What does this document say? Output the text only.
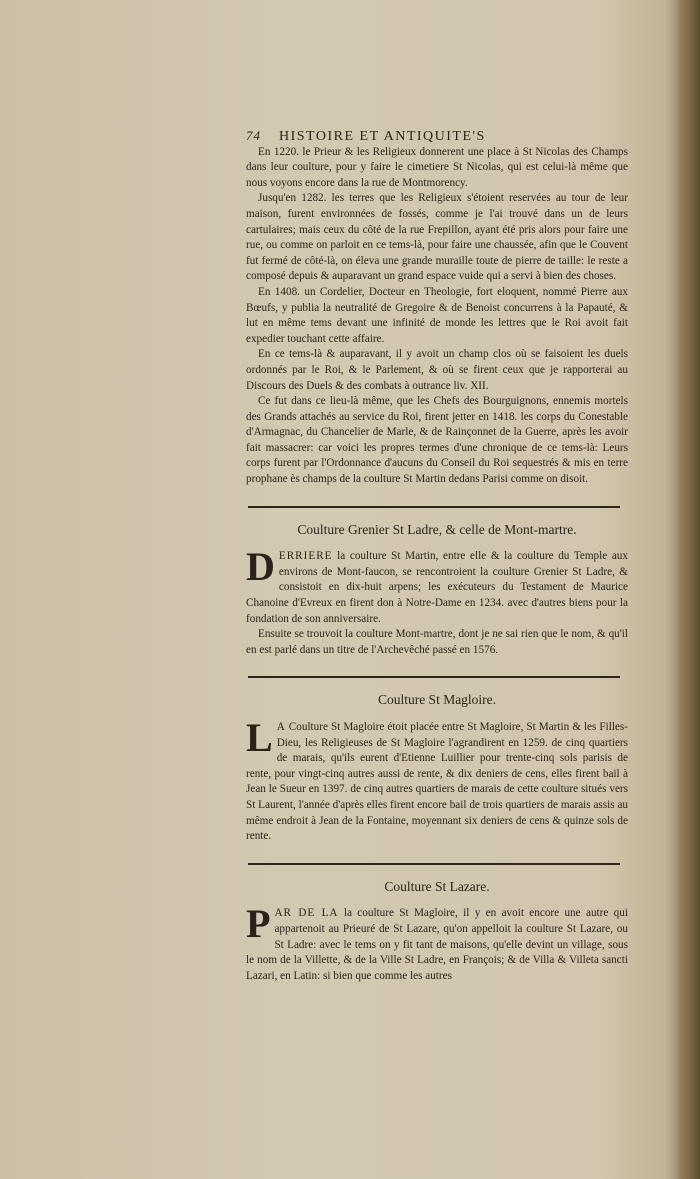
74 HISTOIRE ET ANTIQUITE'S

En 1220. le Prieur & les Religieux donnerent une place à St Nicolas des Champs dans leur coulture, pour y faire le cimetiere St Nicolas, qui est celui-là même que nous voyons encore dans la rue de Montmorency.

Jusqu'en 1282. les terres que les Religieux s'étoient reservées au tour de leur maison, furent environnées de fossés, comme je l'ai trouvé dans un de leurs cartulaires; mais ceux du côté de la rue Frepillon, ayant été pris alors pour faire une rue, ou comme on parloit en ce tems-là, pour faire une chaussée, afin que le Couvent fut fermé de côté-là, on éleva une grande muraille toute de pierre de taille: le reste a composé depuis & auparavant un grand espace vuide qui a servi à bien des choses.

En 1408. un Cordelier, Docteur en Theologie, fort eloquent, nommé Pierre aux Bœufs, y publia la neutralité de Gregoire & de Benoist concurrens à la Papauté, & lut en même tems devant une infinité de monde les lettres que le Roi avoit fait expedier touchant cette affaire.

En ce tems-là & auparavant, il y avoit un champ clos où se faisoient les duels ordonnés par le Roi, & le Parlement, & où se firent ceux que je rapporterai au Discours des Duels & des combats à outrance liv. XII.

Ce fut dans ce lieu-là même, que les Chefs des Bourguignons, ennemis mortels des Grands attachés au service du Roi, firent jetter en 1418. les corps du Conestable d'Armagnac, du Chancelier de Marle, & de Rainçonnet de la Guerre, après les avoir fait massacrer: car voici les propres termes d'une chronique de ce tems-là: Leurs corps furent par l'Ordonnance d'aucuns du Conseil du Roi sequestrés & mis en terre prophane ès champs de la coulture St Martin dedans Parisi comme on disoit.

Coulture Grenier St Ladre, & celle de Mont-martre.

DERRIERE la coulture St Martin, entre elle & la coulture du Temple aux environs de Mont-faucon, se rencontroient la coulture Grenier St Ladre, & consistoit en dix-huit arpens; les exécuteurs du Testament de Maurice Chanoine d'Evreux en firent don à Notre-Dame en 1234. avec d'autres biens pour la fondation de son anniversaire.

Ensuite se trouvoit la coulture Mont-martre, dont je ne sai rien que le nom, & qu'il en est parlé dans un titre de l'Archevêché passé en 1576.

Coulture St Magloire.

L A Coulture St Magloire étoit placée entre St Magloire, St Martin & les Filles-Dieu, les Religieuses de St Magloire l'agrandirent en 1259. de cinq quartiers de marais, qu'ils eurent d'Etienne Luillier pour trente-cinq sols parisis de rente, pour vingt-cinq autres aussi de rente, & dix deniers de cens, elles firent bail à Jean le Sueur en 1397. de cinq autres quartiers de marais de cette coulture situés vers St Laurent, l'année d'après elles firent encore bail de trois quartiers de marais assis au même endroit à Jean de la Fontaine, moyennant six deniers de cens & quinze sols de rente.

Coulture St Lazare.

PAR DE LA la coulture St Magloire, il y en avoit encore une autre qui appartenoit au Prieuré de St Lazare, qu'on appelloit la coulture St Lazare, ou St Ladre: avec le tems on y fit tant de maisons, qu'elle devint un village, sous le nom de la Villette, & de la Ville St Ladre, en François; & de Villa & Villeta sancti Lazari, en Latin: si bien que comme les autres
